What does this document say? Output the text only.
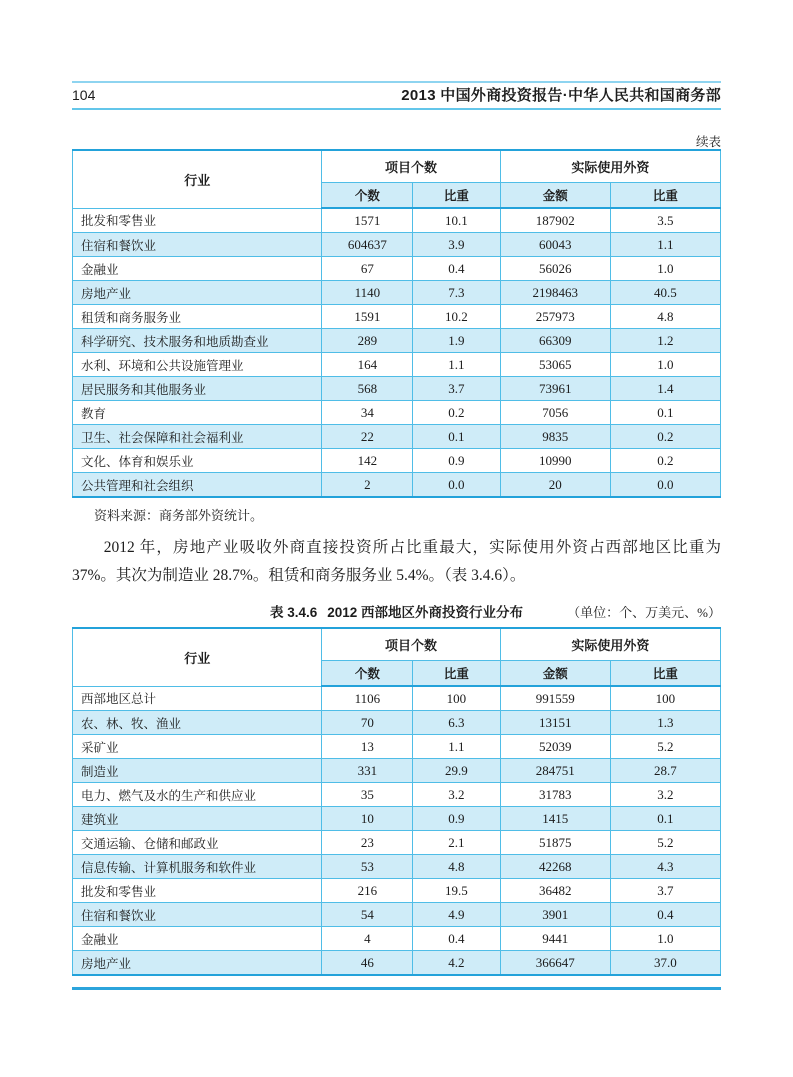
104	2013 中国外商投资报告·中华人民共和国商务部
续表
行业	项目个数		实际使用外资	
	个数	比重	金额	比重
批发和零售业	1571	10.1	187902	3.5
住宿和餐饮业	604637	3.9	60043	1.1
金融业	67	0.4	56026	1.0
房地产业	1140	7.3	2198463	40.5
租赁和商务服务业	1591	10.2	257973	4.8
科学研究、技术服务和地质勘查业	289	1.9	66309	1.2
水利、环境和公共设施管理业	164	1.1	53065	1.0
居民服务和其他服务业	568	3.7	73961	1.4
教育	34	0.2	7056	0.1
卫生、社会保障和社会福利业	22	0.1	9835	0.2
文化、体育和娱乐业	142	0.9	10990	0.2
公共管理和社会组织	2	0.0	20	0.0
资料来源：商务部外资统计。
2012 年，房地产业吸收外商直接投资所占比重最大，实际使用外资占西部地区比重为 37%。其次为制造业 28.7%。租赁和商务服务业 5.4%。（表 3.4.6）。
表 3.4.6 2012 西部地区外商投资行业分布	（单位：个、万美元、%）
行业	项目个数		实际使用外资	
	个数	比重	金额	比重
西部地区总计	1106	100	991559	100
农、林、牧、渔业	70	6.3	13151	1.3
采矿业	13	1.1	52039	5.2
制造业	331	29.9	284751	28.7
电力、燃气及水的生产和供应业	35	3.2	31783	3.2
建筑业	10	0.9	1415	0.1
交通运输、仓储和邮政业	23	2.1	51875	5.2
信息传输、计算机服务和软件业	53	4.8	42268	4.3
批发和零售业	216	19.5	36482	3.7
住宿和餐饮业	54	4.9	3901	0.4
金融业	4	0.4	9441	1.0
房地产业	46	4.2	366647	37.0
